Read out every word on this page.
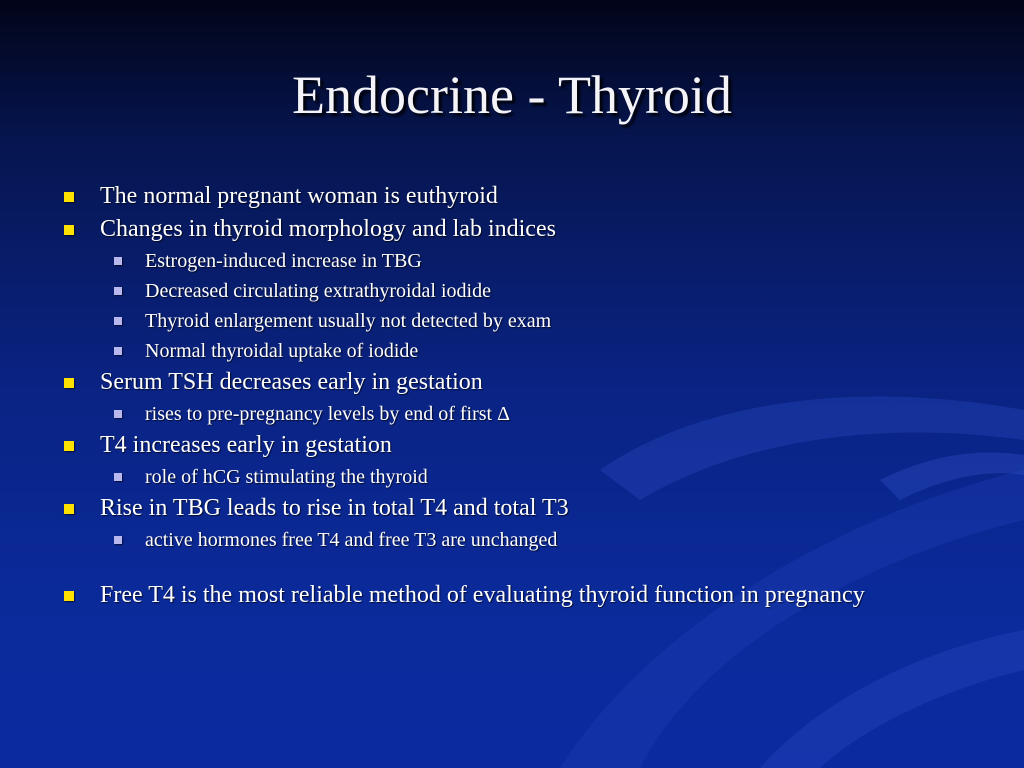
Endocrine - Thyroid
The normal pregnant woman is euthyroid
Changes in thyroid morphology and lab indices
Estrogen-induced increase in TBG
Decreased circulating extrathyroidal iodide
Thyroid enlargement usually not detected by exam
Normal thyroidal uptake of iodide
Serum TSH decreases early in gestation
rises to pre-pregnancy levels by end of first Δ
T4 increases early in gestation
role of hCG stimulating the thyroid
Rise in TBG leads to rise in total T4 and total T3
active hormones free T4 and free T3 are unchanged
Free T4 is the most reliable method of evaluating thyroid function in pregnancy
